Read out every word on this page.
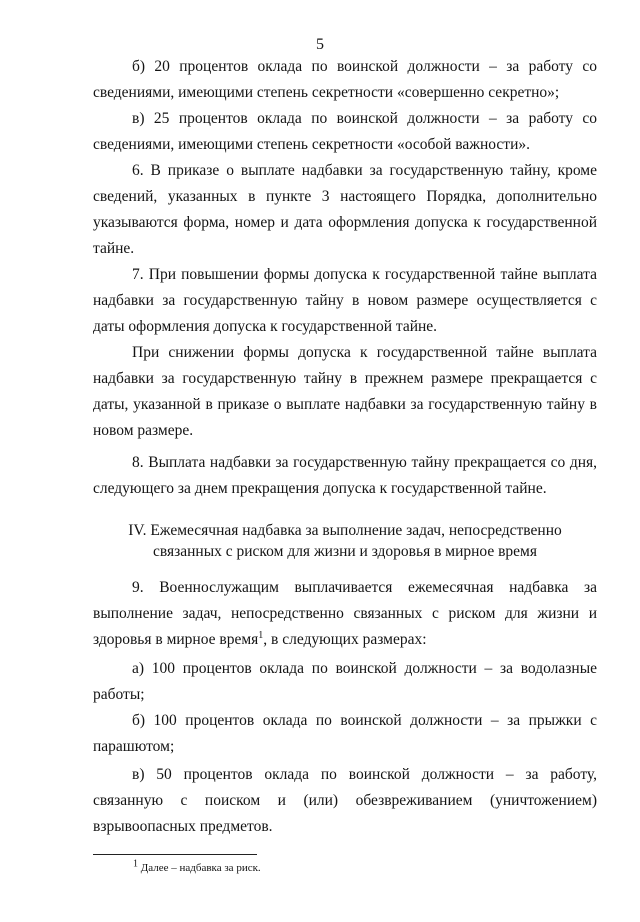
5

б) 20 процентов оклада по воинской должности – за работу со сведениями, имеющими степень секретности «совершенно секретно»;

в) 25 процентов оклада по воинской должности – за работу со сведениями, имеющими степень секретности «особой важности».

6. В приказе о выплате надбавки за государственную тайну, кроме сведений, указанных в пункте 3 настоящего Порядка, дополнительно указываются форма, номер и дата оформления допуска к государственной тайне.

7. При повышении формы допуска к государственной тайне выплата надбавки за государственную тайну в новом размере осуществляется с даты оформления допуска к государственной тайне.

При снижении формы допуска к государственной тайне выплата надбавки за государственную тайну в прежнем размере прекращается с даты, указанной в приказе о выплате надбавки за государственную тайну в новом размере.

8. Выплата надбавки за государственную тайну прекращается со дня, следующего за днем прекращения допуска к государственной тайне.

IV. Ежемесячная надбавка за выполнение задач, непосредственно
связанных с риском для жизни и здоровья в мирное время

9. Военнослужащим выплачивается ежемесячная надбавка за выполнение задач, непосредственно связанных с риском для жизни и здоровья в мирное время$^1$, в следующих размерах:

а) 100 процентов оклада по воинской должности – за водолазные работы;

б) 100 процентов оклада по воинской должности – за прыжки с парашютом;

в) 50 процентов оклада по воинской должности – за работу, связанную с поиском и (или) обезвреживанием (уничтожением) взрывоопасных предметов.

$^1$ Далее – надбавка за риск.
